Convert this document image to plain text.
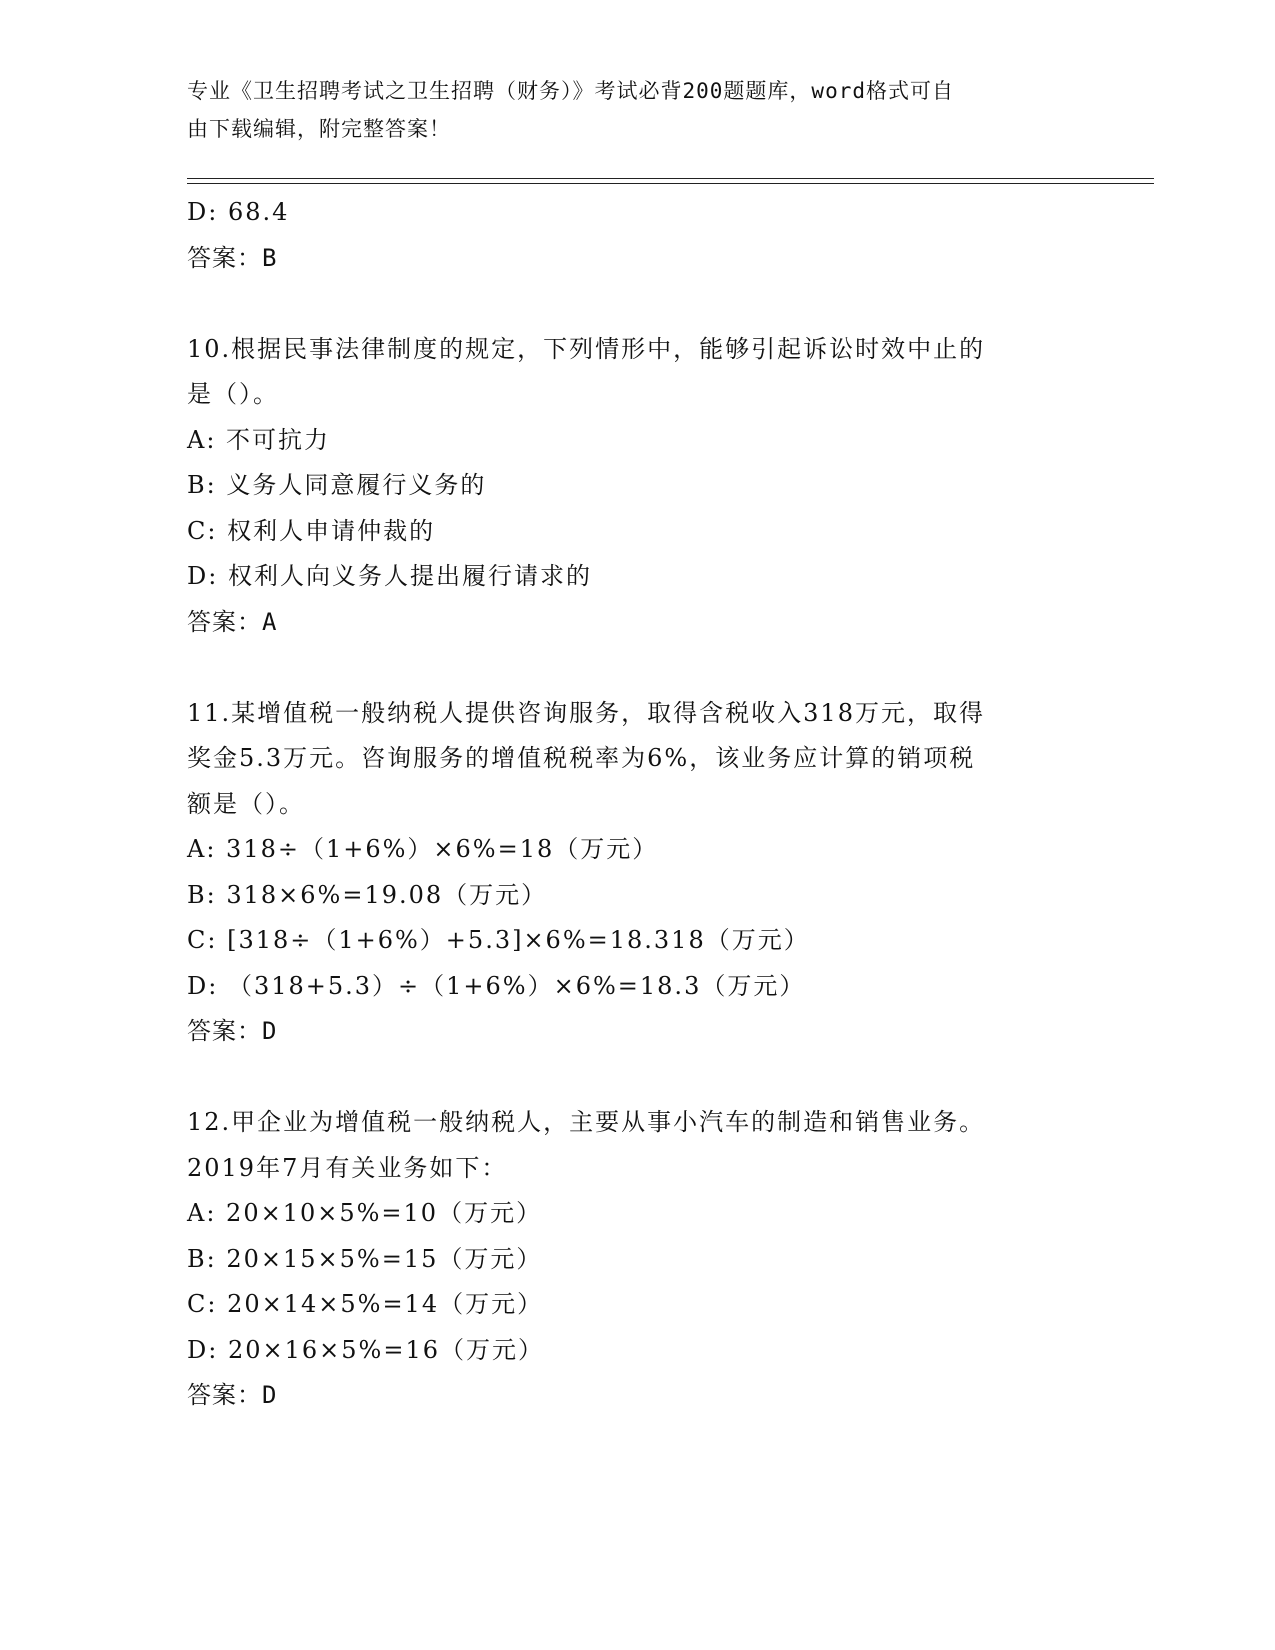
专业《卫生招聘考试之卫生招聘（财务）》考试必背200题题库，word格式可自
由下载编辑，附完整答案！
D: 68.4
答案：B
10.根据民事法律制度的规定，下列情形中，能够引起诉讼时效中止的
是（）。
A: 不可抗力
B: 义务人同意履行义务的
C: 权利人申请仲裁的
D: 权利人向义务人提出履行请求的
答案：A
11.某增值税一般纳税人提供咨询服务，取得含税收入318万元，取得
奖金5.3万元。咨询服务的增值税税率为6%，该业务应计算的销项税
额是（）。
A: 318÷（1+6%）×6%=18（万元）
B: 318×6%=19.08（万元）
C: [318÷（1+6%）+5.3]×6%=18.318（万元）
D: （318+5.3）÷（1+6%）×6%=18.3（万元）
答案：D
12.甲企业为增值税一般纳税人，主要从事小汽车的制造和销售业务。
2019年7月有关业务如下：
A: 20×10×5%=10（万元）
B: 20×15×5%=15（万元）
C: 20×14×5%=14（万元）
D: 20×16×5%=16（万元）
答案：D
